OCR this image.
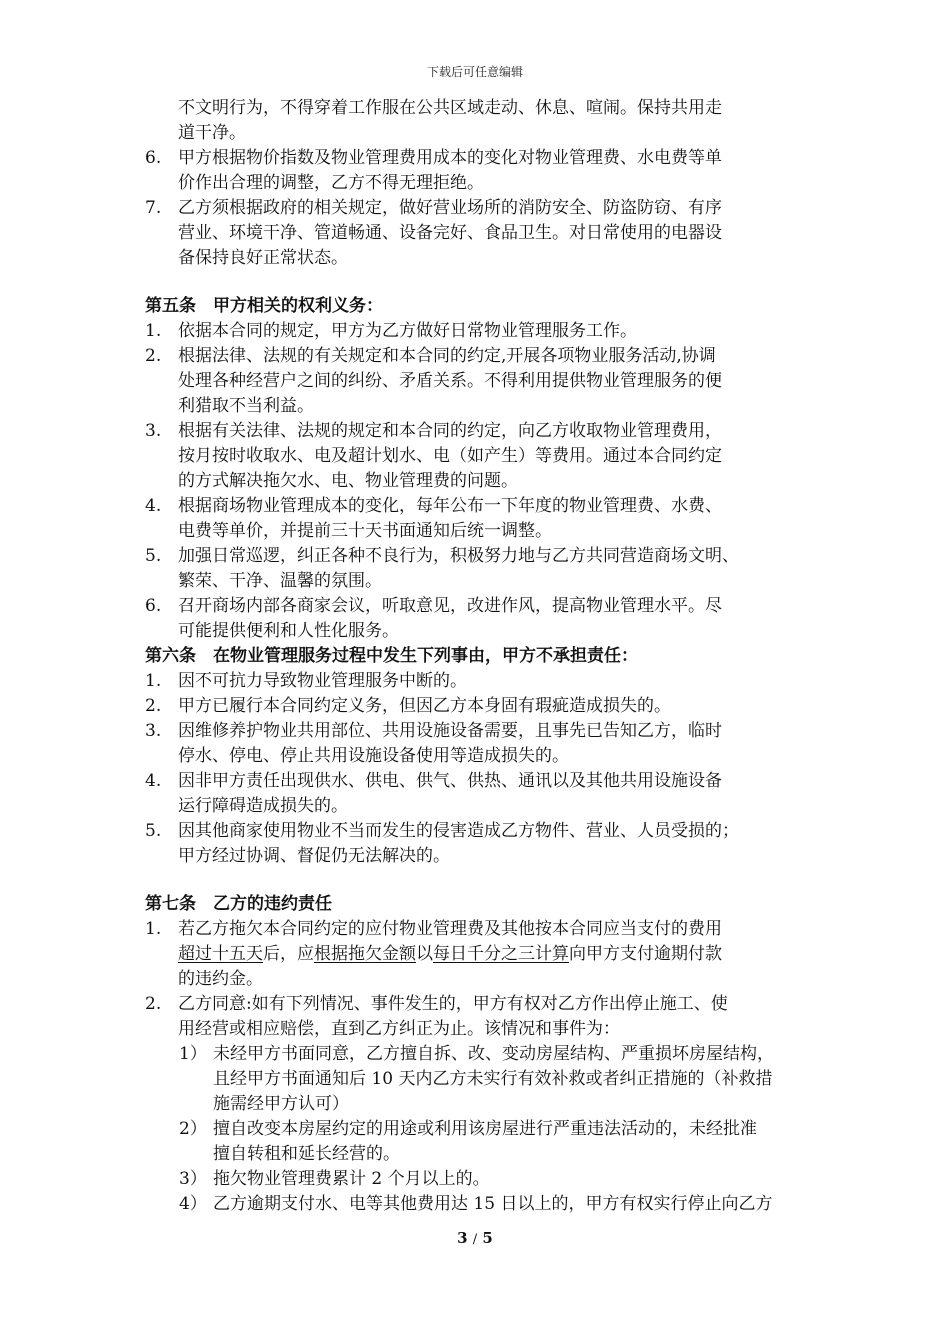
下载后可任意编辑

不文明行为，不得穿着工作服在公共区域走动、休息、喧闹。保持共用走

道干净。

6. 甲方根据物价指数及物业管理费用成本的变化对物业管理费、水电费等单

价作出合理的调整，乙方不得无理拒绝。

7. 乙方须根据政府的相关规定，做好营业场所的消防安全、防盗防窃、有序

营业、环境干净、管道畅通、设备完好、食品卫生。对日常使用的电器设

备保持良好正常状态。

第五条　甲方相关的权利义务：

1. 依据本合同的规定，甲方为乙方做好日常物业管理服务工作。

2. 根据法律、法规的有关规定和本合同的约定,开展各项物业服务活动,协调

处理各种经营户之间的纠纷、矛盾关系。不得利用提供物业管理服务的便

利猎取不当利益。

3. 根据有关法律、法规的规定和本合同的约定，向乙方收取物业管理费用，

按月按时收取水、电及超计划水、电（如产生）等费用。通过本合同约定

的方式解决拖欠水、电、物业管理费的问题。

4. 根据商场物业管理成本的变化，每年公布一下年度的物业管理费、水费、

电费等单价，并提前三十天书面通知后统一调整。

5. 加强日常巡逻，纠正各种不良行为，积极努力地与乙方共同营造商场文明、

繁荣、干净、温馨的氛围。

6. 召开商场内部各商家会议，听取意见，改进作风，提高物业管理水平。尽

可能提供便利和人性化服务。

第六条　在物业管理服务过程中发生下列事由，甲方不承担责任：

1. 因不可抗力导致物业管理服务中断的。

2. 甲方已履行本合同约定义务，但因乙方本身固有瑕疵造成损失的。

3. 因维修养护物业共用部位、共用设施设备需要，且事先已告知乙方，临时

停水、停电、停止共用设施设备使用等造成损失的。

4. 因非甲方责任出现供水、供电、供气、供热、通讯以及其他共用设施设备

运行障碍造成损失的。

5. 因其他商家使用物业不当而发生的侵害造成乙方物件、营业、人员受损的；

甲方经过协调、督促仍无法解决的。

第七条　乙方的违约责任

1. 若乙方拖欠本合同约定的应付物业管理费及其他按本合同应当支付的费用

超过十五天后，应根据拖欠金额以每日千分之三计算向甲方支付逾期付款

的违约金。

2. 乙方同意:如有下列情况、事件发生的，甲方有权对乙方作出停止施工、使

用经营或相应赔偿，直到乙方纠正为止。该情况和事件为：

1） 未经甲方书面同意，乙方擅自拆、改、变动房屋结构、严重损坏房屋结构，

且经甲方书面通知后 10 天内乙方未实行有效补救或者纠正措施的（补救措

施需经甲方认可）

2） 擅自改变本房屋约定的用途或利用该房屋进行严重违法活动的，未经批准

擅自转租和延长经营的。

3） 拖欠物业管理费累计 2 个月以上的。

4） 乙方逾期支付水、电等其他费用达 15 日以上的，甲方有权实行停止向乙方

3 / 5
